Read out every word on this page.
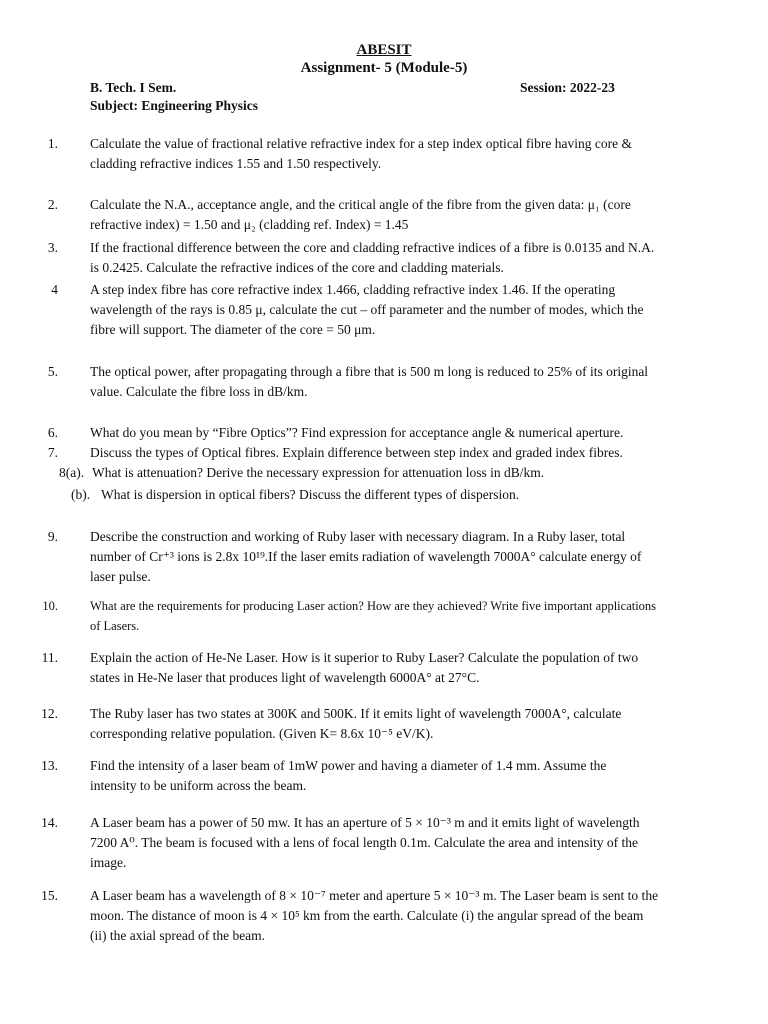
ABESIT
Assignment- 5 (Module-5)
B. Tech. I Sem.	Session: 2022-23
Subject: Engineering Physics
1. Calculate the value of fractional relative refractive index for a step index optical fibre having core &
cladding refractive indices 1.55 and 1.50 respectively.
2. Calculate the N.A., acceptance angle, and the critical angle of the fibre from the given data: μ₁ (core
refractive index) = 1.50 and μ₂ (cladding ref. Index) = 1.45
3. If the fractional difference between the core and cladding refractive indices of a fibre is 0.0135 and N.A.
is 0.2425. Calculate the refractive indices of the core and cladding materials.
4 A step index fibre has core refractive index 1.466, cladding refractive index 1.46. If the operating
wavelength of the rays is 0.85 μ, calculate the cut – off parameter and the number of modes, which the
fibre will support. The diameter of the core = 50 μm.
5. The optical power, after propagating through a fibre that is 500 m long is reduced to 25% of its original
value. Calculate the fibre loss in dB/km.
6. What do you mean by “Fibre Optics”? Find expression for acceptance angle & numerical aperture.
7. Discuss the types of Optical fibres. Explain difference between step index and graded index fibres.
8(a). What is attenuation? Derive the necessary expression for attenuation loss in dB/km.
(b). What is dispersion in optical fibers? Discuss the different types of dispersion.
9. Describe the construction and working of Ruby laser with necessary diagram. In a Ruby laser, total
number of Cr⁺³ ions is 2.8x 10¹⁹.If the laser emits radiation of wavelength 7000A° calculate energy of
laser pulse.
10.	What are the requirements for producing Laser action? How are they achieved? Write five important applications
of Lasers.
11. Explain the action of He-Ne Laser. How is it superior to Ruby Laser? Calculate the population of two
states in He-Ne laser that produces light of wavelength 6000A° at 27°C.
12. The Ruby laser has two states at 300K and 500K. If it emits light of wavelength 7000A°, calculate
corresponding relative population. (Given K= 8.6x 10⁻⁵ eV/K).
13. Find the intensity of a laser beam of 1mW power and having a diameter of 1.4 mm. Assume the
intensity to be uniform across the beam.
14. A Laser beam has a power of 50 mw. It has an aperture of 5 × 10⁻³ m and it emits light of wavelength
7200 A⁰. The beam is focused with a lens of focal length 0.1m. Calculate the area and intensity of the
image.
15. A Laser beam has a wavelength of 8 × 10⁻⁷ meter and aperture 5 × 10⁻³ m. The Laser beam is sent to the
moon. The distance of moon is 4 × 10⁵ km from the earth. Calculate (i) the angular spread of the beam
(ii) the axial spread of the beam.
